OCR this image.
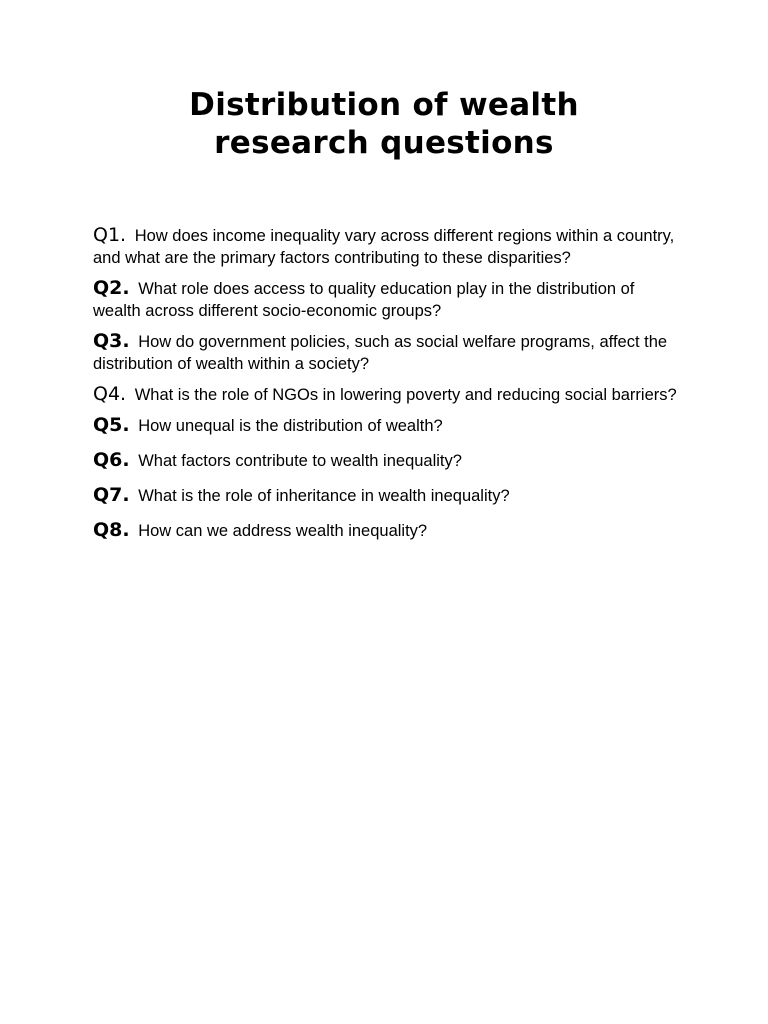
Distribution of wealth
research questions
Q1. How does income inequality vary across different regions within a country, and what are the primary factors contributing to these disparities?
Q2. What role does access to quality education play in the distribution of wealth across different socio-economic groups?
Q3. How do government policies, such as social welfare programs, affect the distribution of wealth within a society?
Q4. What is the role of NGOs in lowering poverty and reducing social barriers?
Q5. How unequal is the distribution of wealth?
Q6. What factors contribute to wealth inequality?
Q7. What is the role of inheritance in wealth inequality?
Q8. How can we address wealth inequality?
